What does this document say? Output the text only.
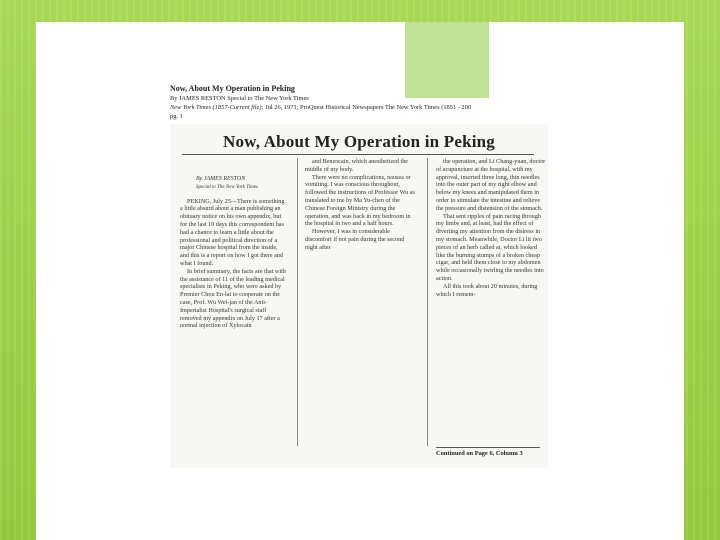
Now, About My Operation in Peking
By JAMES RESTON Special to The New York Times
New York Times (1857-Current file); Jul 26, 1971; ProQuest Historical Newspapers The New York Times (1851 - 200
pg. 1
Now, About My Operation in Peking

By JAMES RESTON

Special to The New York Times

PEKING, July 25—There is something a little absurd about a man publishing an obituary notice on his own appendix, but for the last 10 days this correspondent has had a chance to learn a little about the professional and political direction of a major Chinese hospital from the inside, and this is a report on how I got there and what I found.

In brief summary, the facts are that with the assistance of 11 of the leading medical specialists in Peking, who were asked by Premier Chou En-lai to cooperate on the case, Prof. Wu Wei-jan of the Anti-Imperialist Hospital's surgical staff removed my appendix on July 17 after a normal injection of Xylocain

and Benzocain, which anesthetized the middle of my body.

There were no complications, nausea or vomiting. I was conscious throughout, followed the instructions of Professor Wu as translated to me by Ma Yu-chen of the Chinese Foreign Ministry during the operation, and was back in my bedroom in the hospital in two and a half hours.

However, I was in considerable discomfort if not pain during the second night after

the operation, and Li Chang-yuan, doctor of acupuncture at the hospital, with my approval, inserted three long, thin needles into the outer part of my right elbow and below my knees and manipulated them in order to stimulate the intestine and relieve the pressure and distension of the stomach.

That sent ripples of pain racing through my limbs and, at least, had the effect of diverting my attention from the distress in my stomach. Meanwhile, Doctor Li lit two pieces of an herb called ai, which looked like the burning stumps of a broken cheap cigar, and held them close to my abdomen while occasionally twirling the needles into action.

All this took about 20 minutes, during which I remem-

Continued on Page 6, Column 3
